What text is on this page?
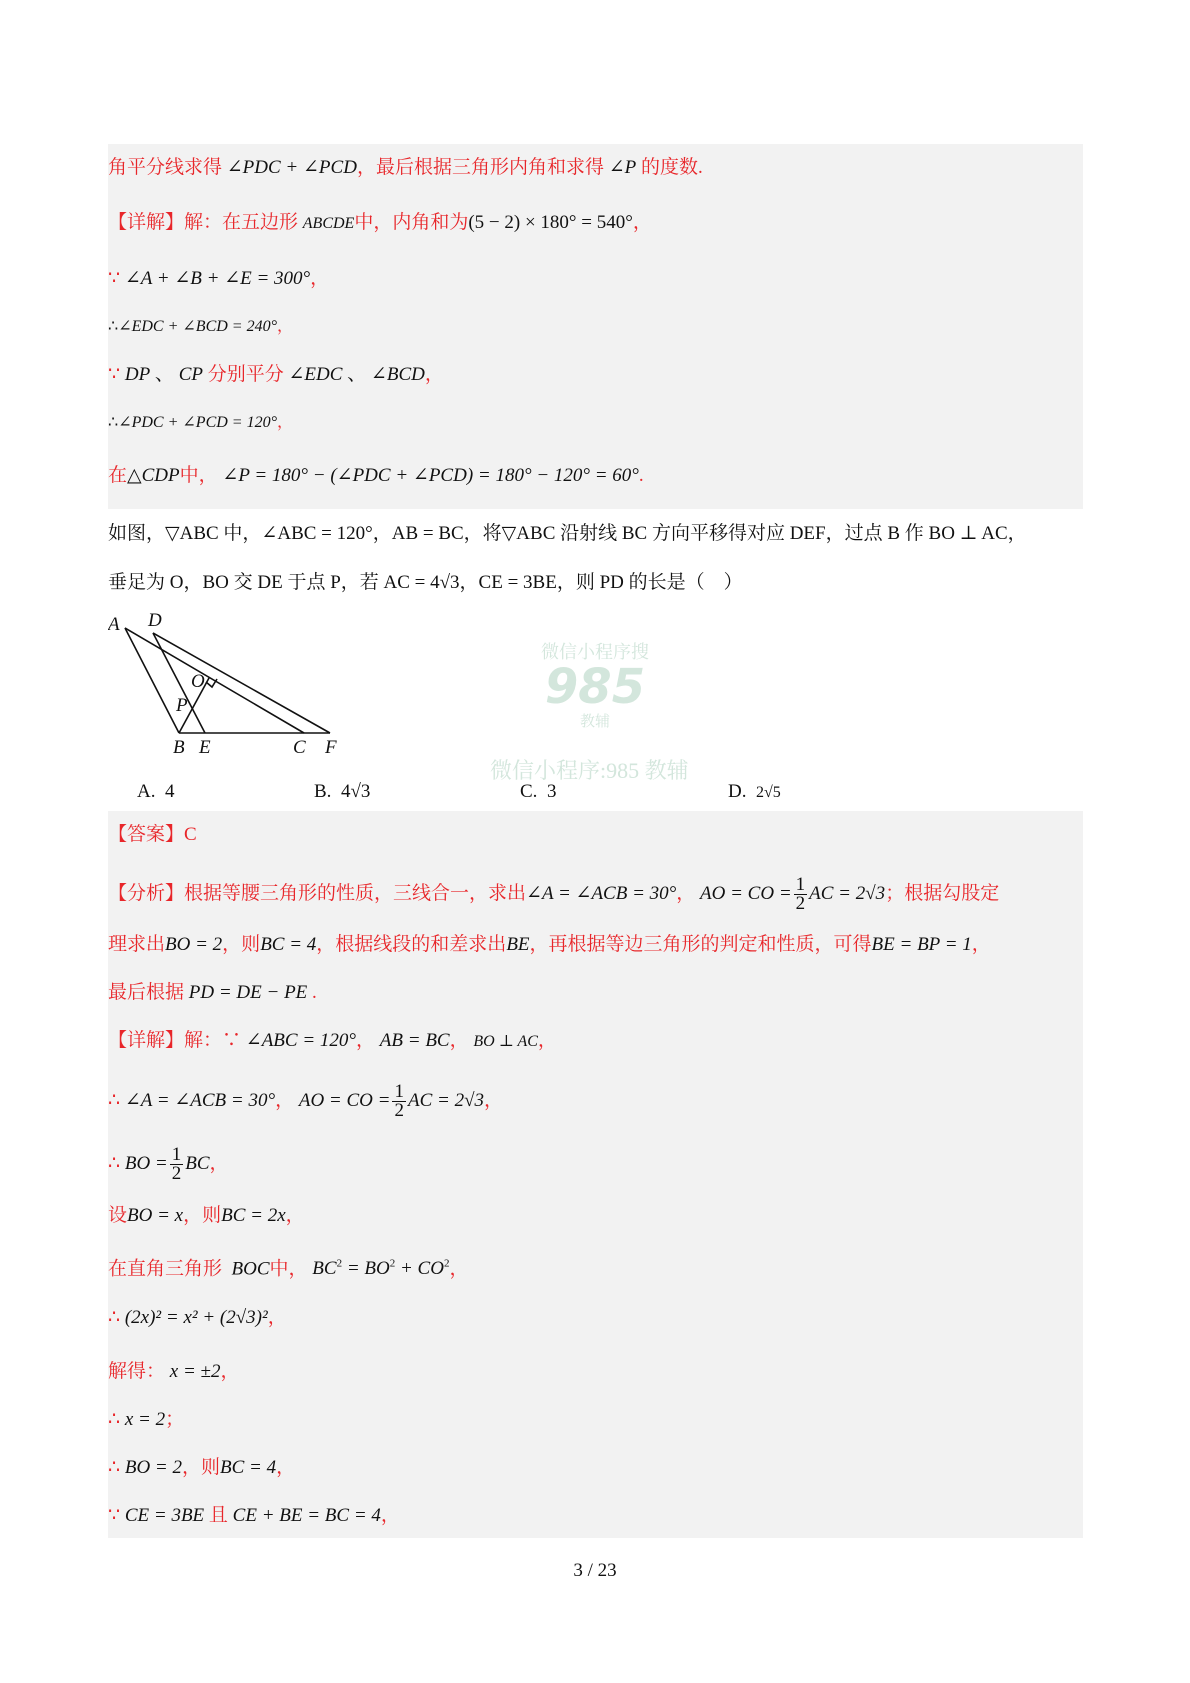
角平分线求得 ∠PDC + ∠PCD，最后根据三角形内角和求得 ∠P 的度数.
【详解】解：在五边形 ABCDE中，内角和为(5 − 2) × 180° = 540°，
∵ ∠A + ∠B + ∠E = 300°，
∴∠EDC + ∠BCD = 240°，
∵ DP 、 CP 分别平分 ∠EDC 、 ∠BCD，
∴∠PDC + ∠PCD = 120°，
在△CDP中， ∠P = 180° − (∠PDC + ∠PCD) = 180° − 120° = 60°.
如图，▽ABC 中，∠ABC = 120°，AB = BC，将▽ABC 沿射线 BC 方向平移得对应 DEF，过点 B 作 BO ⊥ AC，
垂足为 O，BO 交 DE 于点 P，若 AC = 4√3，CE = 3BE，则 PD 的长是（　）
A D
O
P
B E	C F
微信小程序搜
985
教辅
微信小程序:985 教辅
A. 4	B. 4√3	C. 3	D. 2√5
【答案】C
【分析】根据等腰三角形的性质，三线合一，求出∠A = ∠ACB = 30°， AO = CO = $\frac{1}{2}$ AC = 2√3；根据勾股定
理求出BO = 2，则BC = 4，根据线段的和差求出BE，再根据等边三角形的判定和性质，可得BE = BP = 1，
最后根据 PD = DE − PE .
【详解】解：∵ ∠ABC = 120°， AB = BC， BO ⊥ AC，
∴ ∠A = ∠ACB = 30°， AO = CO = $\frac{1}{2}$ AC = 2√3，
∴ BO = $\frac{1}{2}$ BC，
设BO = x，则BC = 2x，
在直角三角形 BOC中， $BC^2 = BO^2 + CO^2$，
∴ (2x)² = x² + (2√3)²，
解得： x = ±2，
∴ x = 2；
∴ BO = 2，则BC = 4，
∵ CE = 3BE 且 CE + BE = BC = 4，
3 / 23
